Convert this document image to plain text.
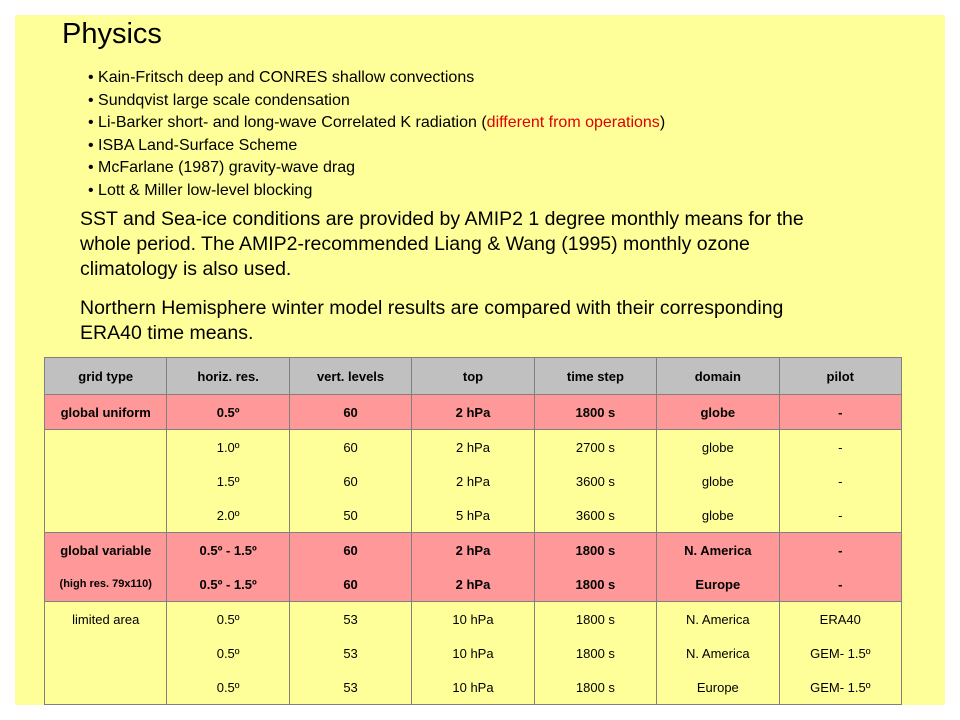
Physics
• Kain-Fritsch deep and CONRES shallow convections
• Sundqvist large scale condensation
• Li-Barker short- and long-wave Correlated K radiation (different from operations)
• ISBA Land-Surface Scheme
• McFarlane (1987) gravity-wave drag
• Lott & Miller low-level blocking

SST and Sea-ice conditions are provided by AMIP2 1 degree monthly means for the whole period. The AMIP2-recommended Liang & Wang (1995) monthly ozone climatology is also used.

Northern Hemisphere winter model results are compared with their corresponding ERA40 time means.

grid type	horiz. res.	vert. levels	top	time step	domain	pilot
global uniform	0.5º	60	2 hPa	1800 s	globe	-
	1.0º	60	2 hPa	2700 s	globe	-
	1.5º	60	2 hPa	3600 s	globe	-
	2.0º	50	5 hPa	3600 s	globe	-
global variable	0.5º - 1.5º	60	2 hPa	1800 s	N. America	-

(high res. 79x110)	0.5º - 1.5º	60	2 hPa	1800 s	Europe	-
limited area	0.5º	53	10 hPa	1800 s	N. America	ERA40
	0.5º	53	10 hPa	1800 s	N. America	GEM- 1.5º
	0.5º	53	10 hPa	1800 s	Europe	GEM- 1.5º
